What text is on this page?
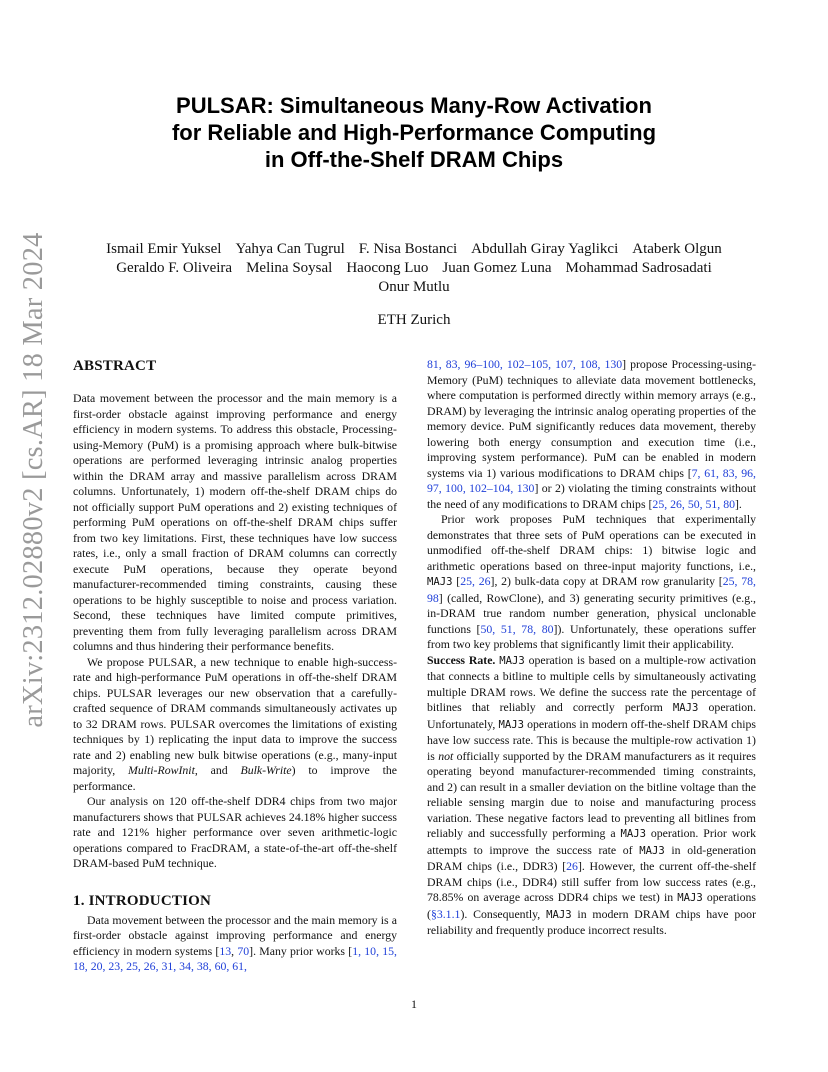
arXiv:2312.02880v2 [cs.AR] 18 Mar 2024
PULSAR: Simultaneous Many-Row Activation
for Reliable and High-Performance Computing
in Off-the-Shelf DRAM Chips
Ismail Emir Yuksel Yahya Can Tugrul F. Nisa Bostanci Abdullah Giray Yaglikci Ataberk Olgun
Geraldo F. Oliveira Melina Soysal Haocong Luo Juan Gomez Luna Mohammad Sadrosadati
Onur Mutlu
ETH Zurich
ABSTRACT

Data movement between the processor and the main memory is a first-order obstacle against improving performance and energy efficiency in modern systems. To address this obstacle, Processing-using-Memory (PuM) is a promising approach where bulk-bitwise operations are performed leveraging intrinsic analog properties within the DRAM array and massive parallelism across DRAM columns. Unfortunately, 1) modern off-the-shelf DRAM chips do not officially support PuM operations and 2) existing techniques of performing PuM operations on off-the-shelf DRAM chips suffer from two key limitations. First, these techniques have low success rates, i.e., only a small fraction of DRAM columns can correctly execute PuM operations, because they operate beyond manufacturer-recommended timing constraints, causing these operations to be highly susceptible to noise and process variation. Second, these techniques have limited compute primitives, preventing them from fully leveraging parallelism across DRAM columns and thus hindering their performance benefits.

We propose PULSAR, a new technique to enable high-success-rate and high-performance PuM operations in off-the-shelf DRAM chips. PULSAR leverages our new observation that a carefully-crafted sequence of DRAM commands simultaneously activates up to 32 DRAM rows. PULSAR overcomes the limitations of existing techniques by 1) replicating the input data to improve the success rate and 2) enabling new bulk bitwise operations (e.g., many-input majority, Multi-RowInit, and Bulk-Write) to improve the performance.

Our analysis on 120 off-the-shelf DDR4 chips from two major manufacturers shows that PULSAR achieves 24.18% higher success rate and 121% higher performance over seven arithmetic-logic operations compared to FracDRAM, a state-of-the-art off-the-shelf DRAM-based PuM technique.

1. INTRODUCTION

Data movement between the processor and the main memory is a first-order obstacle against improving performance and energy efficiency in modern systems [13, 70]. Many prior works [1, 10, 15, 18, 20, 23, 25, 26, 31, 34, 38, 60, 61,

81, 83, 96–100, 102–105, 107, 108, 130] propose Processing-using-Memory (PuM) techniques to alleviate data movement bottlenecks, where computation is performed directly within memory arrays (e.g., DRAM) by leveraging the intrinsic analog operating properties of the memory device. PuM significantly reduces data movement, thereby lowering both energy consumption and execution time (i.e., improving system performance). PuM can be enabled in modern systems via 1) various modifications to DRAM chips [7, 61, 83, 96, 97, 100, 102–104, 130] or 2) violating the timing constraints without the need of any modifications to DRAM chips [25, 26, 50, 51, 80].

Prior work proposes PuM techniques that experimentally demonstrates that three sets of PuM operations can be executed in unmodified off-the-shelf DRAM chips: 1) bitwise logic and arithmetic operations based on three-input majority functions, i.e., MAJ3 [25, 26], 2) bulk-data copy at DRAM row granularity [25, 78, 98] (called, RowClone), and 3) generating security primitives (e.g., in-DRAM true random number generation, physical unclonable functions [50, 51, 78, 80]). Unfortunately, these operations suffer from two key problems that significantly limit their applicability.

Success Rate. MAJ3 operation is based on a multiple-row activation that connects a bitline to multiple cells by simultaneously activating multiple DRAM rows. We define the success rate the percentage of bitlines that reliably and correctly perform MAJ3 operation. Unfortunately, MAJ3 operations in modern off-the-shelf DRAM chips have low success rate. This is because the multiple-row activation 1) is not officially supported by the DRAM manufacturers as it requires operating beyond manufacturer-recommended timing constraints, and 2) can result in a smaller deviation on the bitline voltage than the reliable sensing margin due to noise and manufacturing process variation. These negative factors lead to preventing all bitlines from reliably and successfully performing a MAJ3 operation. Prior work attempts to improve the success rate of MAJ3 in old-generation DRAM chips (i.e., DDR3) [26]. However, the current off-the-shelf DRAM chips (i.e., DDR4) still suffer from low success rates (e.g., 78.85% on average across DDR4 chips we test) in MAJ3 operations (§3.1.1). Consequently, MAJ3 in modern DRAM chips have poor reliability and frequently produce incorrect results.

1
